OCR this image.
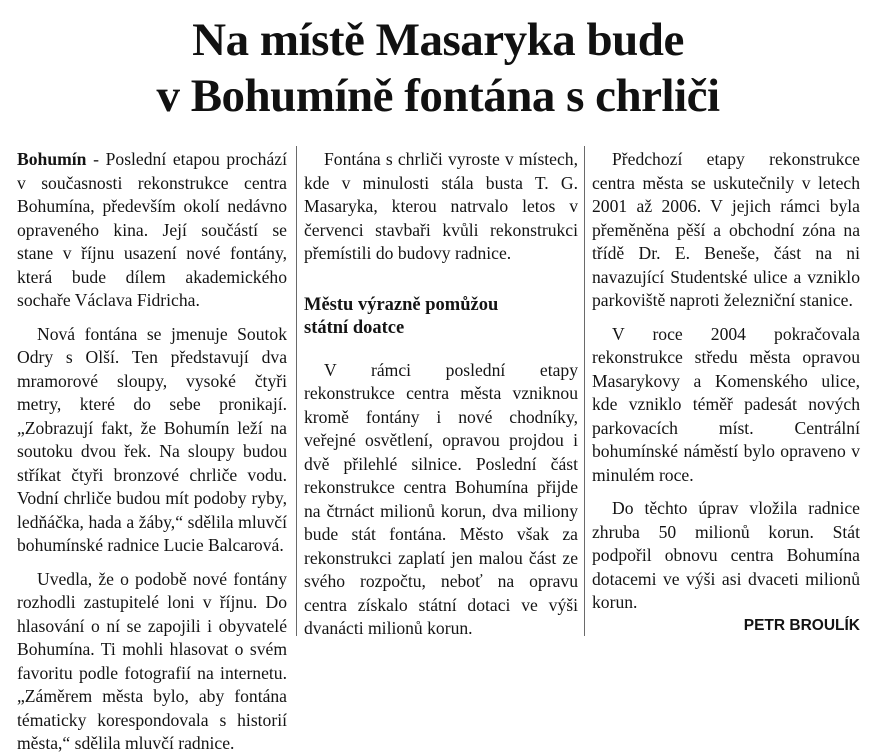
Na místě Masaryka bude
v Bohumíně fontána s chrliči

Bohumín - Poslední etapou prochází v současnosti rekonstrukce centra Bohumína, především okolí nedávno opraveného kina. Její součástí se stane v říjnu usazení nové fontány, která bude dílem akademického sochaře Václava Fidricha.

Nová fontána se jmenuje Soutok Odry s Olší. Ten představují dva mramorové sloupy, vysoké čtyři metry, které do sebe pronikají. „Zobrazují fakt, že Bohumín leží na soutoku dvou řek. Na sloupy budou stříkat čtyři bronzové chrliče vodu. Vodní chrliče budou mít podoby ryby, ledňáčka, hada a žáby,“ sdělila mluvčí bohumínské radnice Lucie Balcarová.

Uvedla, že o podobě nové fontány rozhodli zastupitelé loni v říjnu. Do hlasování o ní se zapojili i obyvatelé Bohumína. Ti mohli hlasovat o svém favoritu podle fotografií na internetu. „Záměrem města bylo, aby fontána tématicky korespondovala s historií města,“ sdělila mluvčí radnice.

Fontána s chrliči vyroste v místech, kde v minulosti stála busta T. G. Masaryka, kterou natrvalo letos v červenci stavbaři kvůli rekonstrukci přemístili do budovy radnice.

Městu výrazně pomůžou státní doatce

V rámci poslední etapy rekonstrukce centra města vzniknou kromě fontány i nové chodníky, veřejné osvětlení, opravou projdou i dvě přilehlé silnice. Poslední část rekonstrukce centra Bohumína přijde na čtrnáct milionů korun, dva miliony bude stát fontána. Město však za rekonstrukci zaplatí jen malou část ze svého rozpočtu, neboť na opravu centra získalo státní dotaci ve výši dvanácti milionů korun.

Předchozí etapy rekonstrukce centra města se uskutečnily v letech 2001 až 2006. V jejich rámci byla přeměněna pěší a obchodní zóna na třídě Dr. E. Beneše, část na ni navazující Studentské ulice a vzniklo parkoviště naproti železniční stanice.

V roce 2004 pokračovala rekonstrukce středu města opravou Masarykovy a Komenského ulice, kde vzniklo téměř padesát nových parkovacích míst. Centrální bohumínské náměstí bylo opraveno v minulém roce.

Do těchto úprav vložila radnice zhruba 50 milionů korun. Stát podpořil obnovu centra Bohumína dotacemi ve výši asi dvaceti milionů korun.

PETR BROULÍK
